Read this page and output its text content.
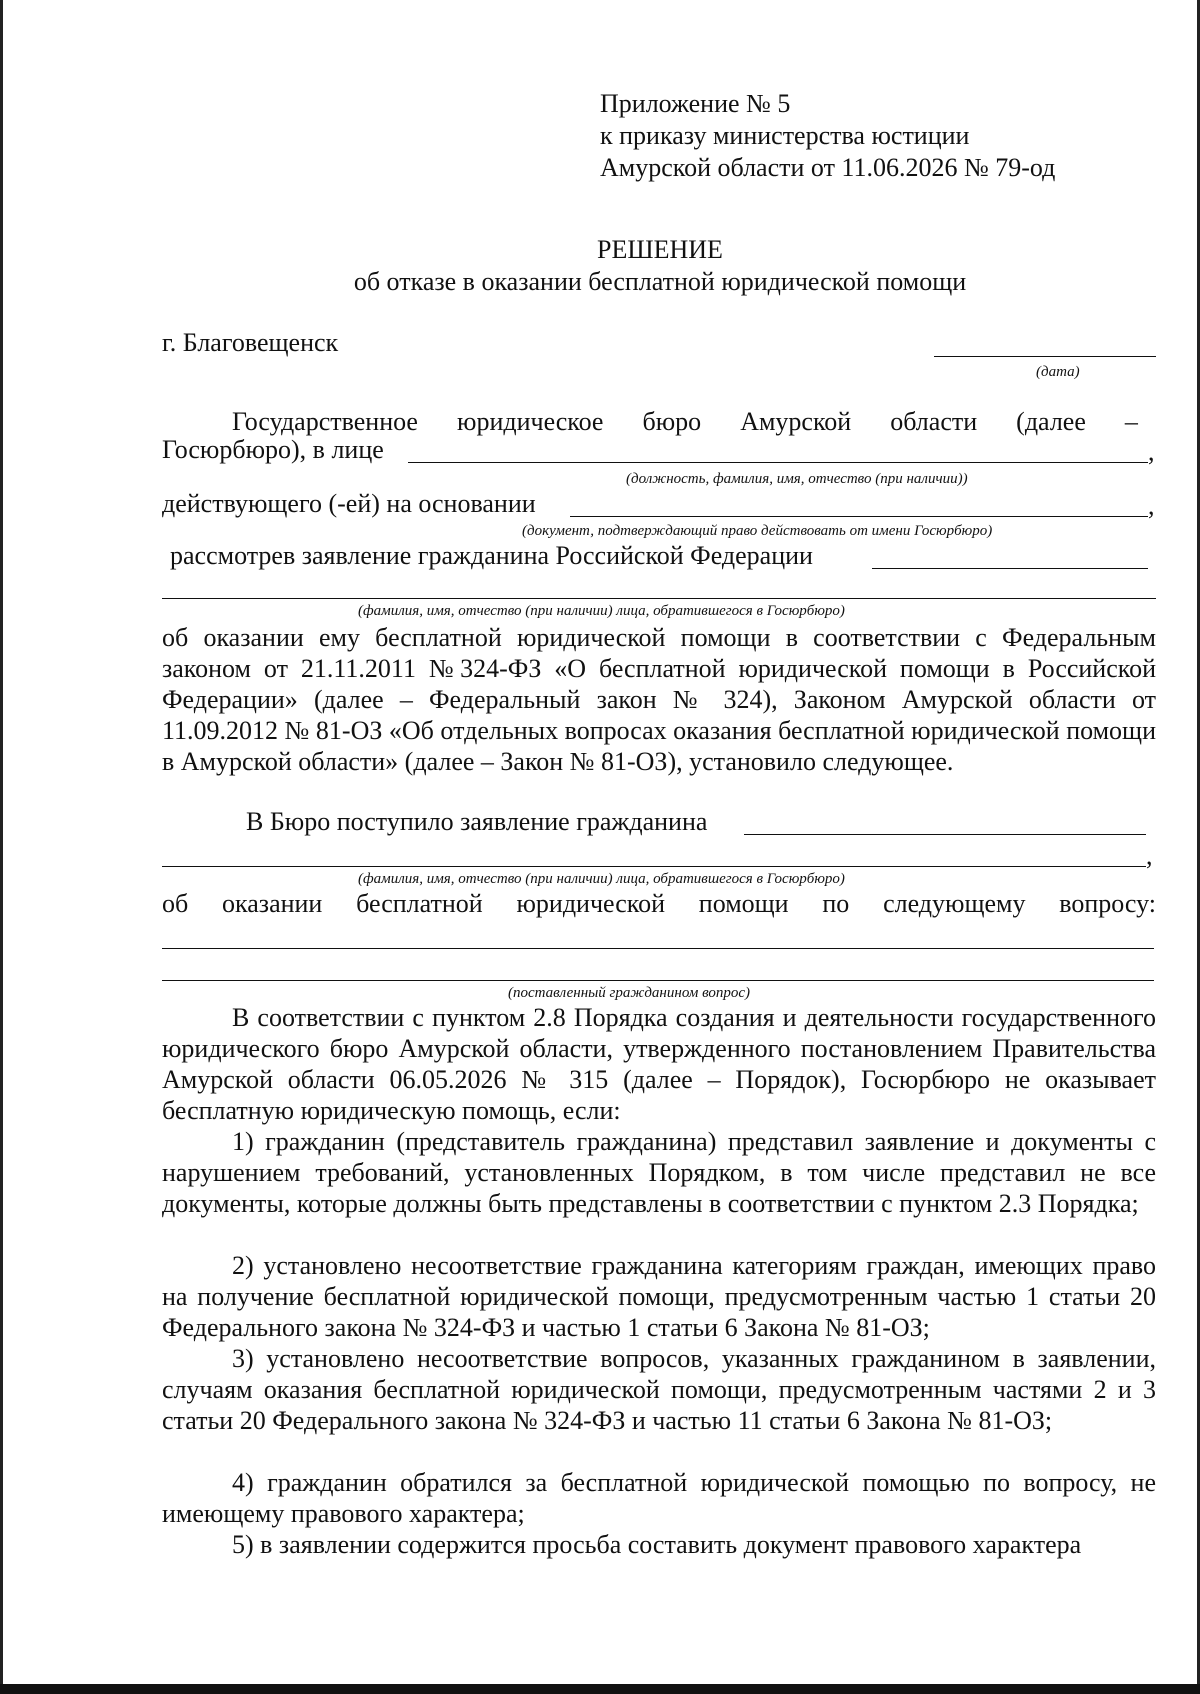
Приложение № 5
к приказу министерства юстиции
Амурской области от 11.06.2026 № 79-од
РЕШЕНИЕ
об отказе в оказании бесплатной юридической помощи
г. Благовещенск
(дата)
Государственное юридическое бюро Амурской области (далее –
Госюрбюро), в лице	,
(должность, фамилия, имя, отчество (при наличии))
действующего (-ей) на основании	,
(документ, подтверждающий право действовать от имени Госюрбюро)
рассмотрев заявление гражданина Российской Федерации
(фамилия, имя, отчество (при наличии) лица, обратившегося в Госюрбюро)
об оказании ему бесплатной юридической помощи в соответствии с Федеральным законом от 21.11.2011 №324-ФЗ «О бесплатной юридической помощи в Российской Федерации» (далее – Федеральный закон № 324), Законом Амурской области от 11.09.2012 № 81-ОЗ «Об отдельных вопросах оказания бесплатной юридической помощи в Амурской области» (далее – Закон № 81-ОЗ), установило следующее.
В Бюро поступило заявление гражданина
,
(фамилия, имя, отчество (при наличии) лица, обратившегося в Госюрбюро)
об оказании бесплатной юридической помощи по следующему вопросу:
(поставленный гражданином вопрос)
В соответствии с пунктом 2.8 Порядка создания и деятельности государственного юридического бюро Амурской области, утвержденного постановлением Правительства Амурской области 06.05.2026 № 315 (далее – Порядок), Госюрбюро не оказывает бесплатную юридическую помощь, если:
1) гражданин (представитель гражданина) представил заявление и документы с нарушением требований, установленных Порядком, в том числе представил не все документы, которые должны быть представлены в соответствии с пунктом 2.3 Порядка;
2) установлено несоответствие гражданина категориям граждан, имеющих право на получение бесплатной юридической помощи, предусмотренным частью 1 статьи 20 Федерального закона № 324-ФЗ и частью 1 статьи 6 Закона № 81-ОЗ;
3) установлено несоответствие вопросов, указанных гражданином в заявлении, случаям оказания бесплатной юридической помощи, предусмотренным частями 2 и 3 статьи 20 Федерального закона № 324-ФЗ и частью 11 статьи 6 Закона № 81-ОЗ;
4) гражданин обратился за бесплатной юридической помощью по вопросу, не имеющему правового характера;
5) в заявлении содержится просьба составить документ правового характера
